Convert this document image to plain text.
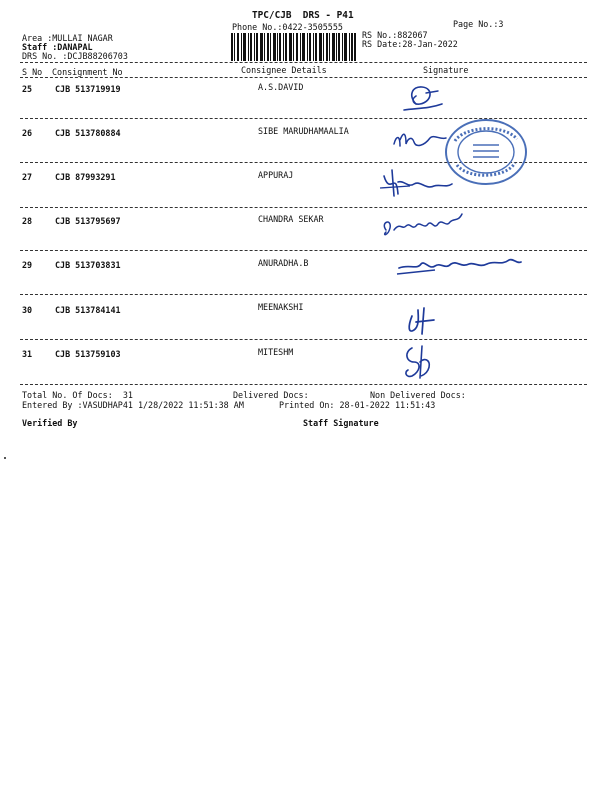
TPC/CJB  DRS - P41
Phone No.:0422-3505555	Page No.:3
Area :MULLAI NAGAR
Staff :DANAPAL
DRS No. :DCJB88206703
RS No.:882067
RS Date:28-Jan-2022
S No Consignment No	Consignee Details	Signature
25	CJB 513719919	A.S.DAVID
26	CJB 513780884	SIBE MARUDHAMAALIA
27	CJB 87993291	APPURAJ
28	CJB 513795697	CHANDRA SEKAR
29	CJB 513703831	ANURADHA.B
30	CJB 513784141	MEENAKSHI
31	CJB 513759103	MITESHM
Total No. Of Docs:  31	Delivered Docs:	Non Delivered Docs:
Entered By :VASUDHAP41 1/28/2022 11:51:38 AM	Printed On: 28-01-2022 11:51:43
Verified By	Staff Signature
